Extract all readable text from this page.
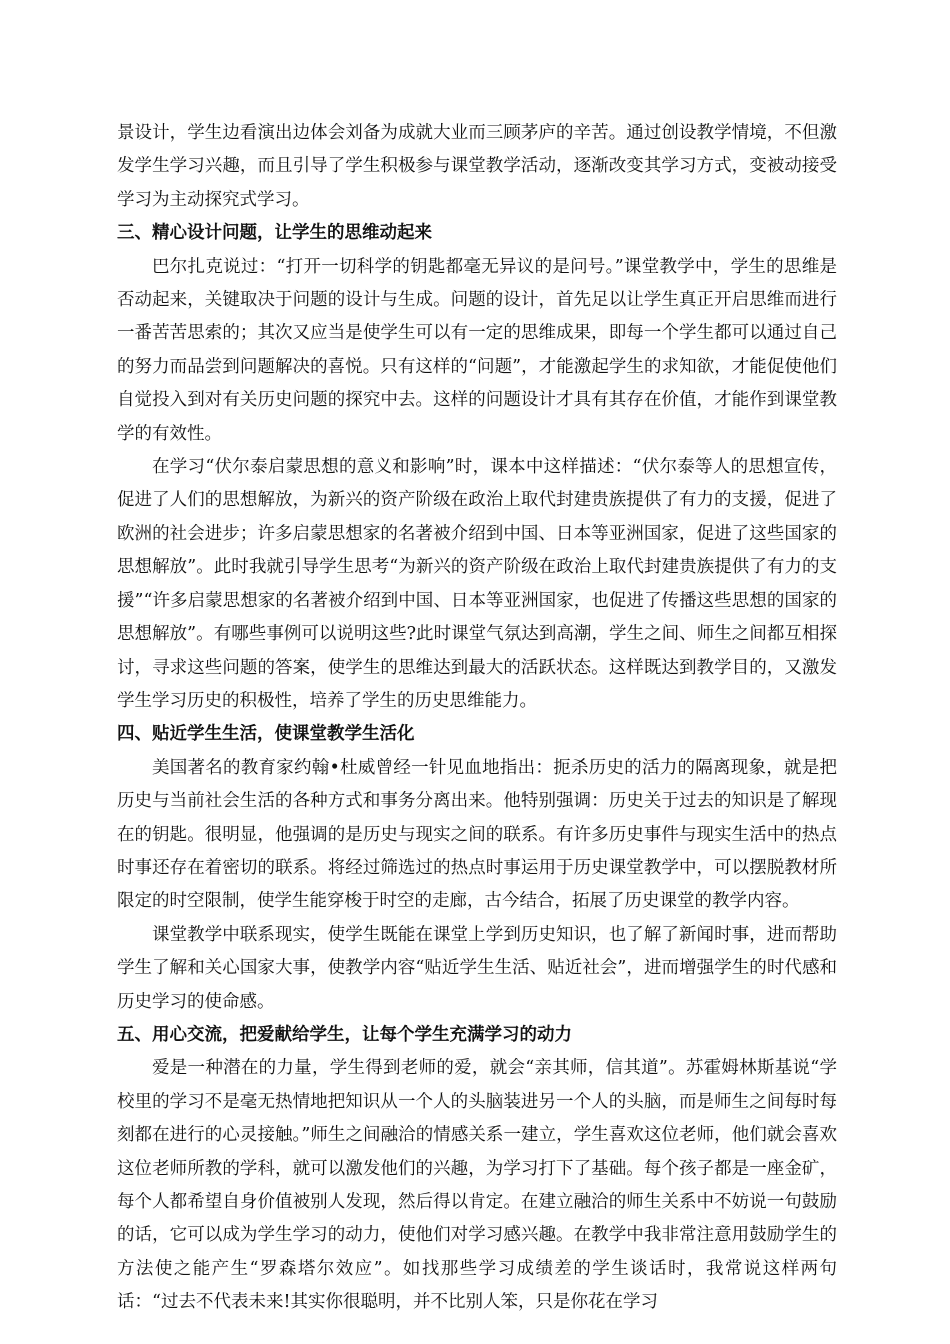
景设计，学生边看演出边体会刘备为成就大业而三顾茅庐的辛苦。通过创设教学情境，不但激发学生学习兴趣，而且引导了学生积极参与课堂教学活动，逐渐改变其学习方式，变被动接受学习为主动探究式学习。

三、精心设计问题，让学生的思维动起来

巴尔扎克说过：“打开一切科学的钥匙都毫无异议的是问号。”课堂教学中，学生的思维是否动起来，关键取决于问题的设计与生成。问题的设计，首先足以让学生真正开启思维而进行一番苦苦思索的；其次又应当是使学生可以有一定的思维成果，即每一个学生都可以通过自己的努力而品尝到问题解决的喜悦。只有这样的“问题”，才能激起学生的求知欲，才能促使他们自觉投入到对有关历史问题的探究中去。这样的问题设计才具有其存在价值，才能作到课堂教学的有效性。

在学习“伏尔泰启蒙思想的意义和影响”时，课本中这样描述：“伏尔泰等人的思想宣传，促进了人们的思想解放，为新兴的资产阶级在政治上取代封建贵族提供了有力的支援，促进了欧洲的社会进步；许多启蒙思想家的名著被介绍到中国、日本等亚洲国家，促进了这些国家的思想解放”。此时我就引导学生思考“为新兴的资产阶级在政治上取代封建贵族提供了有力的支援”“许多启蒙思想家的名著被介绍到中国、日本等亚洲国家，也促进了传播这些思想的国家的思想解放”。有哪些事例可以说明这些?此时课堂气氛达到高潮，学生之间、师生之间都互相探讨，寻求这些问题的答案，使学生的思维达到最大的活跃状态。这样既达到教学目的，又激发学生学习历史的积极性，培养了学生的历史思维能力。

四、贴近学生生活，使课堂教学生活化

美国著名的教育家约翰•杜威曾经一针见血地指出：扼杀历史的活力的隔离现象，就是把历史与当前社会生活的各种方式和事务分离出来。他特别强调：历史关于过去的知识是了解现在的钥匙。很明显，他强调的是历史与现实之间的联系。有许多历史事件与现实生活中的热点时事还存在着密切的联系。将经过筛选过的热点时事运用于历史课堂教学中，可以摆脱教材所限定的时空限制，使学生能穿梭于时空的走廊，古今结合，拓展了历史课堂的教学内容。

课堂教学中联系现实，使学生既能在课堂上学到历史知识，也了解了新闻时事，进而帮助学生了解和关心国家大事，使教学内容“贴近学生生活、贴近社会”，进而增强学生的时代感和历史学习的使命感。

五、用心交流，把爱献给学生，让每个学生充满学习的动力

爱是一种潜在的力量，学生得到老师的爱，就会“亲其师，信其道”。苏霍姆林斯基说“学校里的学习不是毫无热情地把知识从一个人的头脑装进另一个人的头脑，而是师生之间每时每刻都在进行的心灵接触。”师生之间融洽的情感关系一建立，学生喜欢这位老师，他们就会喜欢这位老师所教的学科，就可以激发他们的兴趣，为学习打下了基础。每个孩子都是一座金矿，每个人都希望自身价值被别人发现，然后得以肯定。在建立融洽的师生关系中不妨说一句鼓励的话，它可以成为学生学习的动力，使他们对学习感兴趣。在教学中我非常注意用鼓励学生的方法使之能产生“罗森塔尔效应”。如找那些学习成绩差的学生谈话时，我常说这样两句话：“过去不代表未来!其实你很聪明，并不比别人笨，只是你花在学习
